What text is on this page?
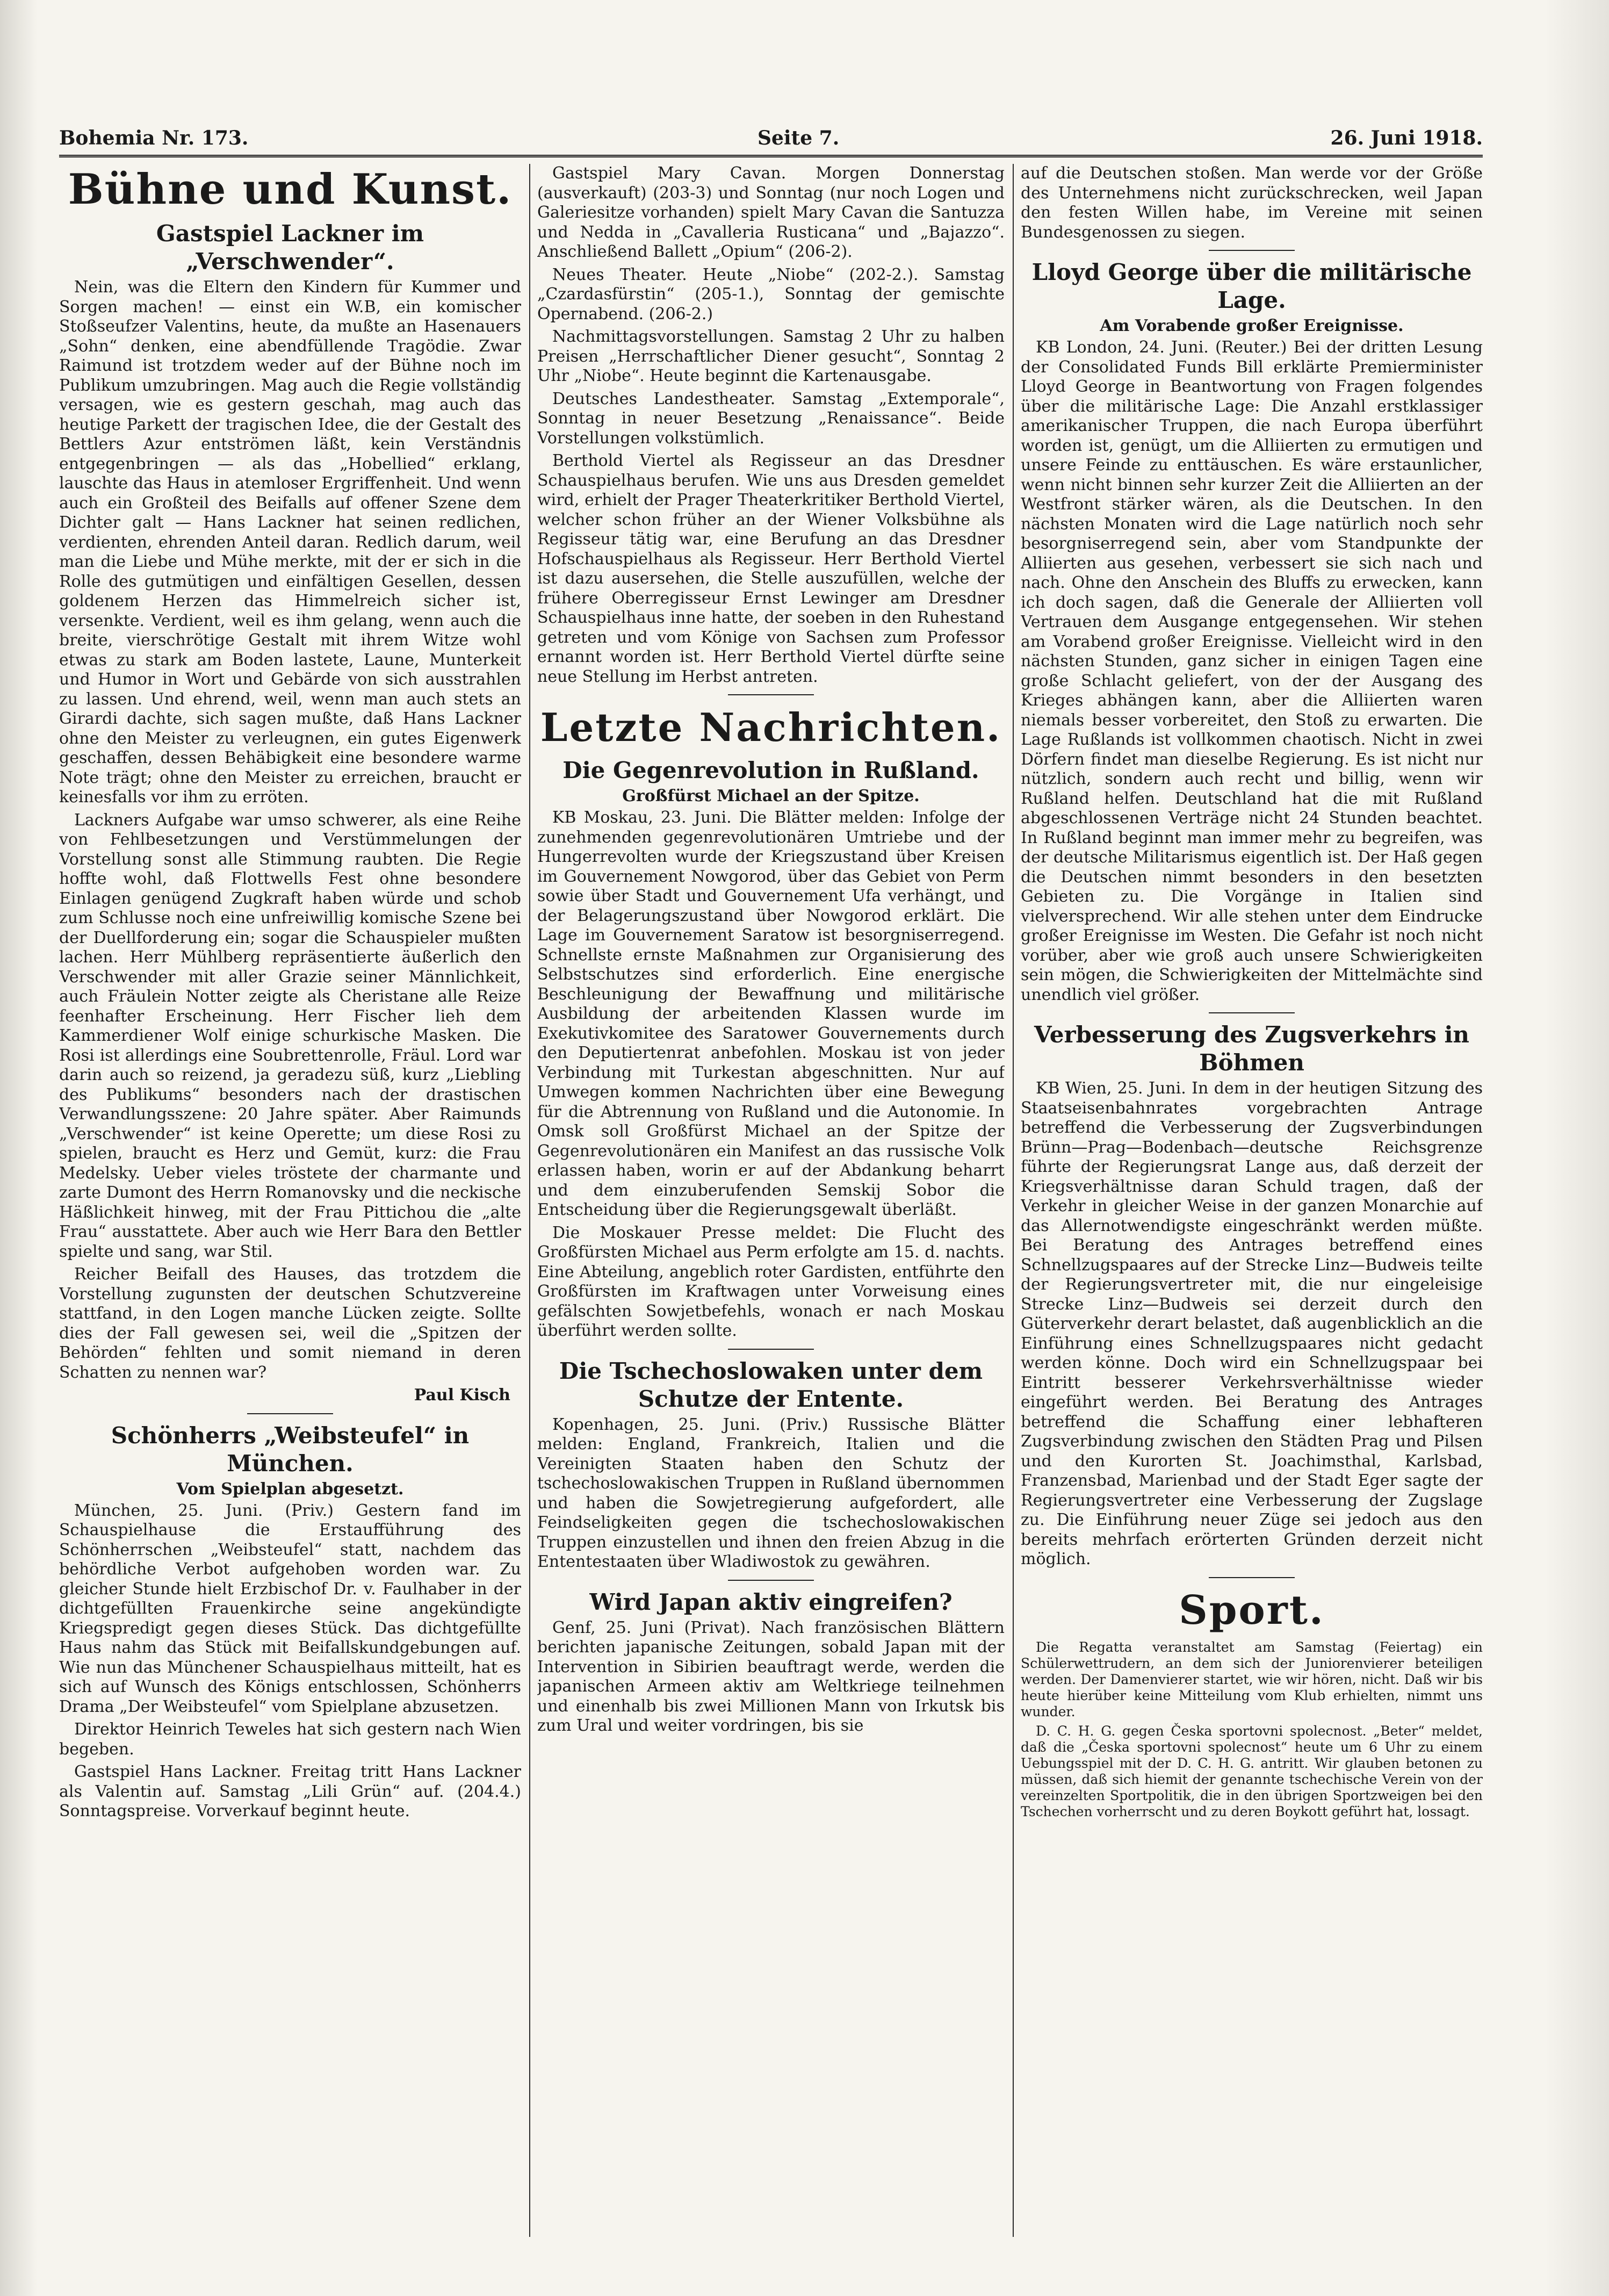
Bohemia Nr. 173.	Seite 7.	26. Juni 1918.
Bühne und Kunst.
Gastspiel Lackner im „Verschwender“.

Nein, was die Eltern den Kindern für Kummer und Sorgen machen! — einst ein W.B, ein komischer Stoßseufzer Valentins, heute, da mußte an Hasenauers „Sohn“ denken, eine abendfüllende Tragödie. Zwar Raimund ist trotzdem weder auf der Bühne noch im Publikum umzubringen. Mag auch die Regie vollständig versagen, wie es gestern geschah, mag auch das heutige Parkett der tragischen Idee, die der Gestalt des Bettlers Azur entströmen läßt, kein Verständnis entgegenbringen — als das „Hobellied“ erklang, lauschte das Haus in atemloser Ergriffenheit. Und wenn auch ein Großteil des Beifalls auf offener Szene dem Dichter galt — Hans Lackner hat seinen redlichen, verdienten, ehrenden Anteil daran. Redlich darum, weil man die Liebe und Mühe merkte, mit der er sich in die Rolle des gutmütigen und einfältigen Gesellen, dessen goldenem Herzen das Himmelreich sicher ist, versenkte. Verdient, weil es ihm gelang, wenn auch die breite, vierschrötige Gestalt mit ihrem Witze wohl etwas zu stark am Boden lastete, Laune, Munterkeit und Humor in Wort und Gebärde von sich ausstrahlen zu lassen. Und ehrend, weil, wenn man auch stets an Girardi dachte, sich sagen mußte, daß Hans Lackner ohne den Meister zu verleugnen, ein gutes Eigenwerk geschaffen, dessen Behäbigkeit eine besondere warme Note trägt; ohne den Meister zu erreichen, braucht er keinesfalls vor ihm zu erröten.

Lackners Aufgabe war umso schwerer, als eine Reihe von Fehlbesetzungen und Verstümmelungen der Vorstellung sonst alle Stimmung raubten. Die Regie hoffte wohl, daß Flottwells Fest ohne besondere Einlagen genügend Zugkraft haben würde und schob zum Schlusse noch eine unfreiwillig komische Szene bei der Duellforderung ein; sogar die Schauspieler mußten lachen. Herr Mühlberg repräsentierte äußerlich den Verschwender mit aller Grazie seiner Männlichkeit, auch Fräulein Notter zeigte als Cheristane alle Reize feenhafter Erscheinung. Herr Fischer lieh dem Kammerdiener Wolf einige schurkische Masken. Die Rosi ist allerdings eine Soubrettenrolle, Fräul. Lord war darin auch so reizend, ja geradezu süß, kurz „Liebling des Publikums“ besonders nach der drastischen Verwandlungsszene: 20 Jahre später. Aber Raimunds „Verschwender“ ist keine Operette; um diese Rosi zu spielen, braucht es Herz und Gemüt, kurz: die Frau Medelsky. Ueber vieles tröstete der charmante und zarte Dumont des Herrn Romanovsky und die neckische Häßlichkeit hinweg, mit der Frau Pittichou die „alte Frau“ ausstattete. Aber auch wie Herr Bara den Bettler spielte und sang, war Stil.

Reicher Beifall des Hauses, das trotzdem die Vorstellung zugunsten der deutschen Schutzvereine stattfand, in den Logen manche Lücken zeigte. Sollte dies der Fall gewesen sei, weil die „Spitzen der Behörden“ fehlten und somit niemand in deren Schatten zu nennen war?

Paul Kisch

Schönherrs „Weibsteufel“ in München.
Vom Spielplan abgesetzt.

München, 25. Juni. (Priv.) Gestern fand im Schauspielhause die Erstaufführung des Schönherrschen „Weibsteufel“ statt, nachdem das behördliche Verbot aufgehoben worden war. Zu gleicher Stunde hielt Erzbischof Dr. v. Faulhaber in der dichtgefüllten Frauenkirche seine angekündigte Kriegspredigt gegen dieses Stück. Das dichtgefüllte Haus nahm das Stück mit Beifallskundgebungen auf. Wie nun das Münchener Schauspielhaus mitteilt, hat es sich auf Wunsch des Königs entschlossen, Schönherrs Drama „Der Weibsteufel“ vom Spielplane abzusetzen.

Direktor Heinrich Teweles hat sich gestern nach Wien begeben.

Gastspiel Hans Lackner. Freitag tritt Hans Lackner als Valentin auf. Samstag „Lili Grün“ auf. (204.4.) Sonntagspreise. Vorverkauf beginnt heute.

Gastspiel Mary Cavan. Morgen Donnerstag (ausverkauft) (203-3) und Sonntag (nur noch Logen und Galeriesitze vorhanden) spielt Mary Cavan die Santuzza und Nedda in „Cavalleria Rusticana“ und „Bajazzo“. Anschließend Ballett „Opium“ (206-2).

Neues Theater. Heute „Niobe“ (202-2.). Samstag „Czardasfürstin“ (205-1.), Sonntag der gemischte Opernabend. (206-2.)

Nachmittagsvorstellungen. Samstag 2 Uhr zu halben Preisen „Herrschaftlicher Diener gesucht“, Sonntag 2 Uhr „Niobe“. Heute beginnt die Kartenausgabe.

Deutsches Landestheater. Samstag „Extemporale“, Sonntag in neuer Besetzung „Renaissance“. Beide Vorstellungen volkstümlich.

Berthold Viertel als Regisseur an das Dresdner Schauspielhaus berufen. Wie uns aus Dresden gemeldet wird, erhielt der Prager Theaterkritiker Berthold Viertel, welcher schon früher an der Wiener Volksbühne als Regisseur tätig war, eine Berufung an das Dresdner Hofschauspielhaus als Regisseur. Herr Berthold Viertel ist dazu ausersehen, die Stelle auszufüllen, welche der frühere Oberregisseur Ernst Lewinger am Dresdner Schauspielhaus inne hatte, der soeben in den Ruhestand getreten und vom Könige von Sachsen zum Professor ernannt worden ist. Herr Berthold Viertel dürfte seine neue Stellung im Herbst antreten.

Letzte Nachrichten.
Die Gegenrevolution in Rußland.
Großfürst Michael an der Spitze.

KB Moskau, 23. Juni. Die Blätter melden: Infolge der zunehmenden gegenrevolutionären Umtriebe und der Hungerrevolten wurde der Kriegszustand über Kreisen im Gouvernement Nowgorod, über das Gebiet von Perm sowie über Stadt und Gouvernement Ufa verhängt, und der Belagerungszustand über Nowgorod erklärt. Die Lage im Gouvernement Saratow ist besorgniserregend. Schnellste ernste Maßnahmen zur Organisierung des Selbstschutzes sind erforderlich. Eine energische Beschleunigung der Bewaffnung und militärische Ausbildung der arbeitenden Klassen wurde im Exekutivkomitee des Saratower Gouvernements durch den Deputiertenrat anbefohlen. Moskau ist von jeder Verbindung mit Turkestan abgeschnitten. Nur auf Umwegen kommen Nachrichten über eine Bewegung für die Abtrennung von Rußland und die Autonomie. In Omsk soll Großfürst Michael an der Spitze der Gegenrevolutionären ein Manifest an das russische Volk erlassen haben, worin er auf der Abdankung beharrt und dem einzuberufenden Semskij Sobor die Entscheidung über die Regierungsgewalt überläßt.

Die Moskauer Presse meldet: Die Flucht des Großfürsten Michael aus Perm erfolgte am 15. d. nachts. Eine Abteilung, angeblich roter Gardisten, entführte den Großfürsten im Kraftwagen unter Vorweisung eines gefälschten Sowjetbefehls, wonach er nach Moskau überführt werden sollte.

Die Tschechoslowaken unter dem Schutze der Entente.

Kopenhagen, 25. Juni. (Priv.) Russische Blätter melden: England, Frankreich, Italien und die Vereinigten Staaten haben den Schutz der tschechoslowakischen Truppen in Rußland übernommen und haben die Sowjetregierung aufgefordert, alle Feindseligkeiten gegen die tschechoslowakischen Truppen einzustellen und ihnen den freien Abzug in die Ententestaaten über Wladiwostok zu gewähren.

Wird Japan aktiv eingreifen?

Genf, 25. Juni (Privat). Nach französischen Blättern berichten japanische Zeitungen, sobald Japan mit der Intervention in Sibirien beauftragt werde, werden die japanischen Armeen aktiv am Weltkriege teilnehmen und einenhalb bis zwei Millionen Mann von Irkutsk bis zum Ural und weiter vordringen, bis sie

auf die Deutschen stoßen. Man werde vor der Größe des Unternehmens nicht zurückschrecken, weil Japan den festen Willen habe, im Vereine mit seinen Bundesgenossen zu siegen.

Lloyd George über die militärische Lage.
Am Vorabende großer Ereignisse.

KB London, 24. Juni. (Reuter.) Bei der dritten Lesung der Consolidated Funds Bill erklärte Premierminister Lloyd George in Beantwortung von Fragen folgendes über die militärische Lage: Die Anzahl erstklassiger amerikanischer Truppen, die nach Europa überführt worden ist, genügt, um die Alliierten zu ermutigen und unsere Feinde zu enttäuschen. Es wäre erstaunlicher, wenn nicht binnen sehr kurzer Zeit die Alliierten an der Westfront stärker wären, als die Deutschen. In den nächsten Monaten wird die Lage natürlich noch sehr besorgniserregend sein, aber vom Standpunkte der Alliierten aus gesehen, verbessert sie sich nach und nach. Ohne den Anschein des Bluffs zu erwecken, kann ich doch sagen, daß die Generale der Alliierten voll Vertrauen dem Ausgange entgegensehen. Wir stehen am Vorabend großer Ereignisse. Vielleicht wird in den nächsten Stunden, ganz sicher in einigen Tagen eine große Schlacht geliefert, von der der Ausgang des Krieges abhängen kann, aber die Alliierten waren niemals besser vorbereitet, den Stoß zu erwarten. Die Lage Rußlands ist vollkommen chaotisch. Nicht in zwei Dörfern findet man dieselbe Regierung. Es ist nicht nur nützlich, sondern auch recht und billig, wenn wir Rußland helfen. Deutschland hat die mit Rußland abgeschlossenen Verträge nicht 24 Stunden beachtet. In Rußland beginnt man immer mehr zu begreifen, was der deutsche Militarismus eigentlich ist. Der Haß gegen die Deutschen nimmt besonders in den besetzten Gebieten zu. Die Vorgänge in Italien sind vielversprechend. Wir alle stehen unter dem Eindrucke großer Ereignisse im Westen. Die Gefahr ist noch nicht vorüber, aber wie groß auch unsere Schwierigkeiten sein mögen, die Schwierigkeiten der Mittelmächte sind unendlich viel größer.

Verbesserung des Zugsverkehrs in Böhmen

KB Wien, 25. Juni. In dem in der heutigen Sitzung des Staatseisenbahnrates vorgebrachten Antrage betreffend die Verbesserung der Zugsverbindungen Brünn—Prag—Bodenbach—deutsche Reichsgrenze führte der Regierungsrat Lange aus, daß derzeit der Kriegsverhältnisse daran Schuld tragen, daß der Verkehr in gleicher Weise in der ganzen Monarchie auf das Allernotwendigste eingeschränkt werden müßte. Bei Beratung des Antrages betreffend eines Schnellzugspaares auf der Strecke Linz—Budweis teilte der Regierungsvertreter mit, die nur eingeleisige Strecke Linz—Budweis sei derzeit durch den Güterverkehr derart belastet, daß augenblicklich an die Einführung eines Schnellzugspaares nicht gedacht werden könne. Doch wird ein Schnellzugspaar bei Eintritt besserer Verkehrsverhältnisse wieder eingeführt werden. Bei Beratung des Antrages betreffend die Schaffung einer lebhafteren Zugsverbindung zwischen den Städten Prag und Pilsen und den Kurorten St. Joachimsthal, Karlsbad, Franzensbad, Marienbad und der Stadt Eger sagte der Regierungsvertreter eine Verbesserung der Zugslage zu. Die Einführung neuer Züge sei jedoch aus den bereits mehrfach erörterten Gründen derzeit nicht möglich.

Sport.

Die Regatta veranstaltet am Samstag (Feiertag) ein Schülerwettrudern, an dem sich der Juniorenvierer beteiligen werden. Der Damenvierer startet, wie wir hören, nicht. Daß wir bis heute hierüber keine Mitteilung vom Klub erhielten, nimmt uns wunder.

D. C. H. G. gegen Česka sportovni spolecnost. „Beter“ meldet, daß die „Česka sportovni spolecnost“ heute um 6 Uhr zu einem Uebungsspiel mit der D. C. H. G. antritt. Wir glauben betonen zu müssen, daß sich hiemit der genannte tschechische Verein von der vereinzelten Sportpolitik, die in den übrigen Sportzweigen bei den Tschechen vorherrscht und zu deren Boykott geführt hat, lossagt.
